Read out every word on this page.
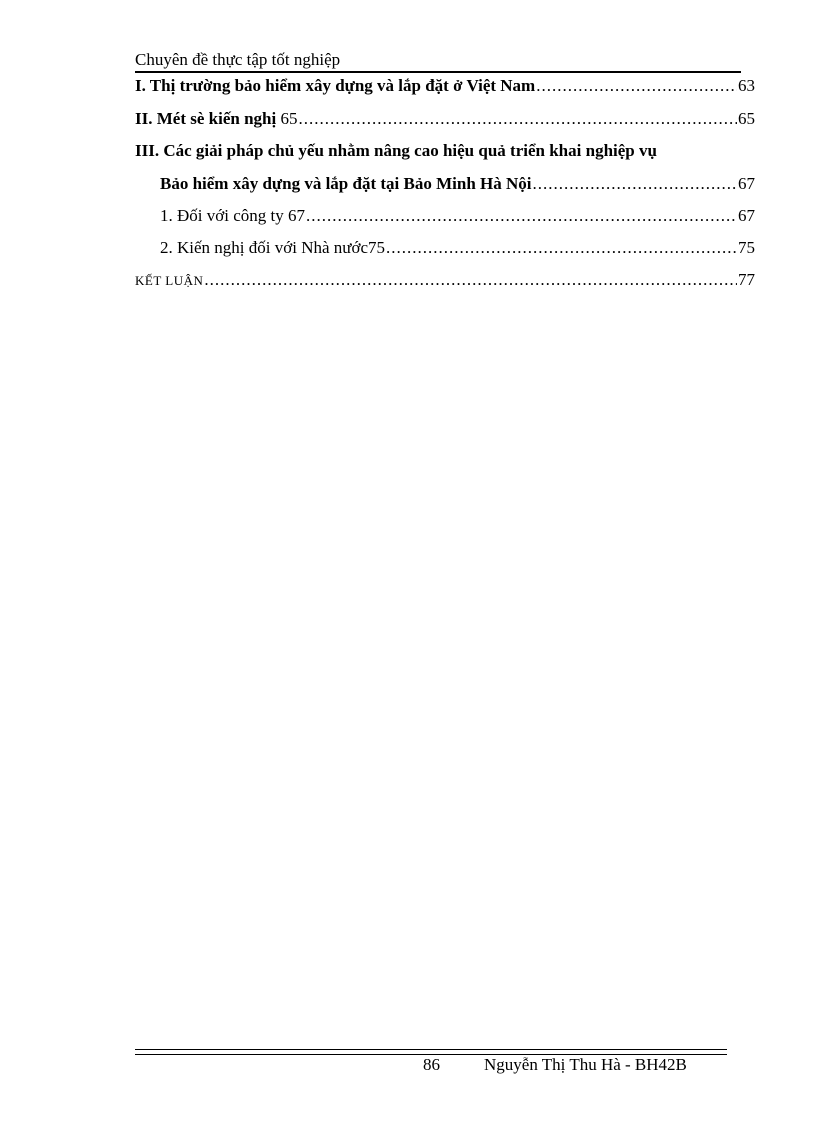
Chuyên đề thực tập tốt nghiệp
I. Thị trường bảo hiểm xây dựng và lắp đặt ở Việt Nam .....	63
II. Mét sè kiến nghị 65 .....	65
III. Các giải pháp chủ yếu nhằm nâng cao hiệu quả triển khai nghiệp vụ
Bảo hiểm xây dựng và lắp đặt tại Bảo Minh Hà Nội .....	67
1. Đối với công ty 67 .....	67
2. Kiến nghị đối với Nhà nước75 .....	75
KẾT LUẬN .....	77
86	Nguyễn Thị Thu Hà - BH42B
